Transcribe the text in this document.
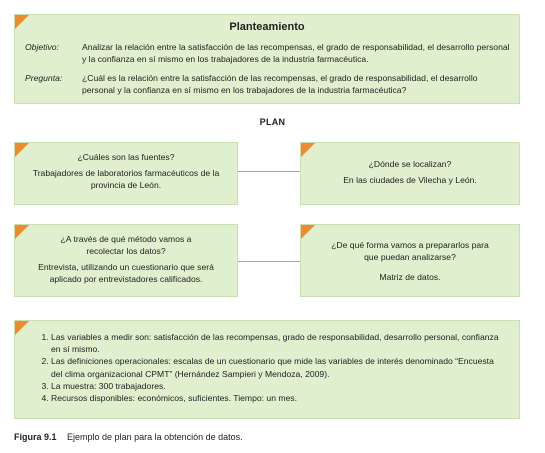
Planteamiento
Objetivo:	Analizar la relación entre la satisfacción de las recompensas, el grado de responsabilidad, el desarrollo personal y la confianza en sí mismo en los trabajadores de la industria farmacéutica.
Pregunta:	¿Cuál es la relación entre la satisfacción de las recompensas, el grado de responsabilidad, el desarrollo personal y la confianza en sí mismo en los trabajadores de la industria farmacéutica?
PLAN
¿Cuáles son las fuentes?
Trabajadores de laboratorios farmacéuticos de la provincia de León.
¿Dónde se localizan?
En las ciudades de Vilecha y León.
¿A través de qué método vamos a recolectar los datos?
Entrevista, utilizando un cuestionario que será aplicado por entrevistadores calificados.
¿De qué forma vamos a prepararlos para que puedan analizarse?
Matriz de datos.
1. Las variables a medir son: satisfacción de las recompensas, grado de responsabilidad, desarrollo personal, confianza en sí mismo.
2. Las definiciones operacionales: escalas de un cuestionario que mide las variables de interés denominado “Encuesta del clima organizacional CPMT” (Hernández Sampieri y Mendoza, 2009).
3. La muestra: 300 trabajadores.
4. Recursos disponibles: económicos, suficientes. Tiempo: un mes.
Figura 9.1 Ejemplo de plan para la obtención de datos.
